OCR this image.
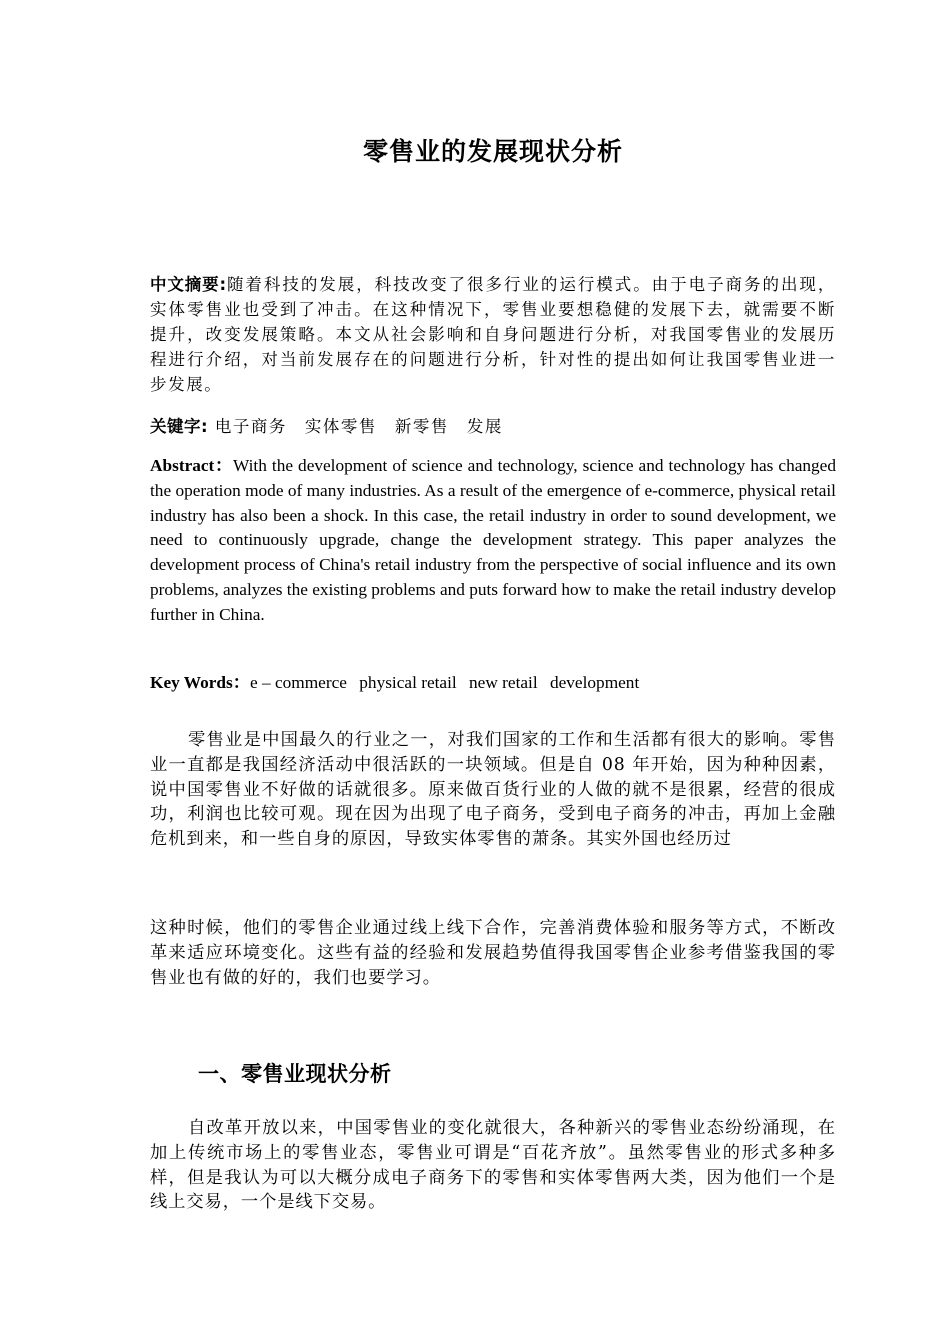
零售业的发展现状分析
中文摘要:随着科技的发展，科技改变了很多行业的运行模式。由于电子商务的出现，实体零售业也受到了冲击。在这种情况下，零售业要想稳健的发展下去，就需要不断提升，改变发展策略。本文从社会影响和自身问题进行分析，对我国零售业的发展历程进行介绍，对当前发展存在的问题进行分析，针对性的提出如何让我国零售业进一步发展。
关键字: 电子商务 实体零售 新零售 发展
Abstract：With the development of science and technology, science and technology has changed the operation mode of many industries. As a result of the emergence of e-commerce, physical retail industry has also been a shock. In this case, the retail industry in order to sound development, we need to continuously upgrade, change the development strategy. This paper analyzes the development process of China's retail industry from the perspective of social influence and its own problems, analyzes the existing problems and puts forward how to make the retail industry develop further in China.
Key Words：e – commerce physical retail new retail development
零售业是中国最久的行业之一，对我们国家的工作和生活都有很大的影响。零售业一直都是我国经济活动中很活跃的一块领域。但是自 08 年开始，因为种种因素，说中国零售业不好做的话就很多。原来做百货行业的人做的就不是很累，经营的很成功，利润也比较可观。现在因为出现了电子商务，受到电子商务的冲击，再加上金融危机到来，和一些自身的原因，导致实体零售的萧条。其实外国也经历过
这种时候，他们的零售企业通过线上线下合作，完善消费体验和服务等方式，不断改革来适应环境变化。这些有益的经验和发展趋势值得我国零售企业参考借鉴我国的零售业也有做的好的，我们也要学习。
一、零售业现状分析
自改革开放以来，中国零售业的变化就很大，各种新兴的零售业态纷纷涌现，在加上传统市场上的零售业态，零售业可谓是“百花齐放”。虽然零售业的形式多种多样，但是我认为可以大概分成电子商务下的零售和实体零售两大类，因为他们一个是线上交易，一个是线下交易。
